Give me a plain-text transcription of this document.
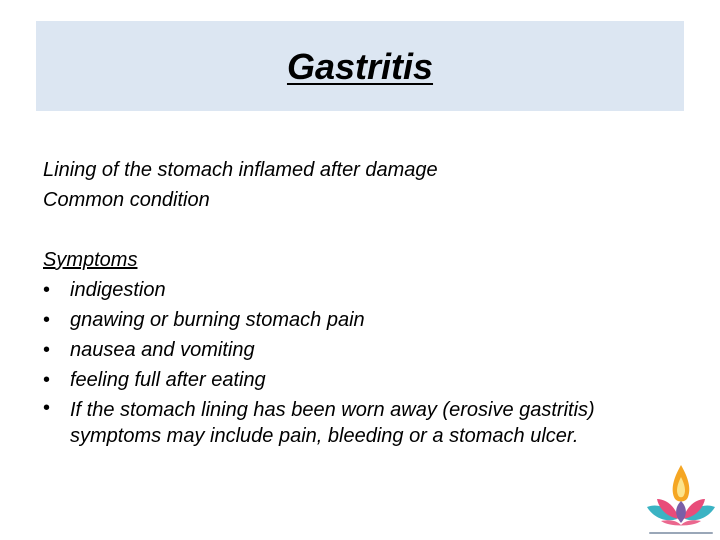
Gastritis
Lining of the stomach inflamed after damage
Common condition
Symptoms
• indigestion
• gnawing or burning stomach pain
• nausea and vomiting
• feeling full after eating
• If the stomach lining has been worn away (erosive gastritis) symptoms may include pain, bleeding or a stomach ulcer.
